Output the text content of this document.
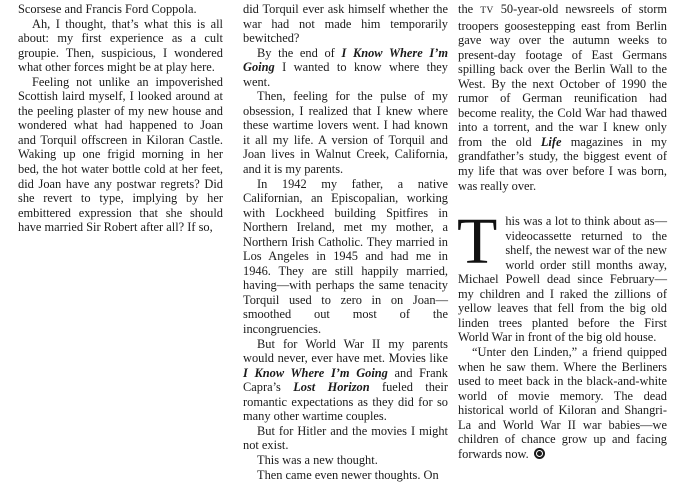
Scorsese and Francis Ford Coppola.

Ah, I thought, that’s what this is all about: my first experience as a cult groupie. Then, suspicious, I wondered what other forces might be at play here.

Feeling not unlike an impoverished Scottish laird myself, I looked around at the peeling plaster of my new house and wondered what had happened to Joan and Torquil offscreen in Kiloran Castle. Waking up one frigid morning in her bed, the hot water bottle cold at her feet, did Joan have any postwar regrets? Did she revert to type, implying by her embittered expression that she should have married Sir Robert after all? If so,

did Torquil ever ask himself whether the war had not made him temporarily bewitched?

By the end of I Know Where I’m Going I wanted to know where they went.

Then, feeling for the pulse of my obsession, I realized that I knew where these wartime lovers went. I had known it all my life. A version of Torquil and Joan lives in Walnut Creek, California, and it is my parents.

In 1942 my father, a native Californian, an Episcopalian, working with Lockheed building Spitfires in Northern Ireland, met my mother, a Northern Irish Catholic. They married in Los Angeles in 1945 and had me in 1946. They are still happily married, having—with perhaps the same tenacity Torquil used to zero in on Joan—smoothed out most of the incongruencies.

But for World War II my parents would never, ever have met. Movies like I Know Where I’m Going and Frank Capra’s Lost Horizon fueled their romantic expectations as they did for so many other wartime couples.

But for Hitler and the movies I might not exist.

This was a new thought.

Then came even newer thoughts. On

the TV 50-year-old newsreels of storm troopers goosestepping east from Berlin gave way over the autumn weeks to present-day footage of East Germans spilling back over the Berlin Wall to the West. By the next October of 1990 the rumor of German reunification had become reality, the Cold War had thawed into a torrent, and the war I knew only from the old Life magazines in my grandfather’s study, the biggest event of my life that was over before I was born, was really over.

This was a lot to think about as—videocassette returned to the shelf, the newest war of the new world order still months away, Michael Powell dead since February—my children and I raked the zillions of yellow leaves that fell from the big old linden trees planted before the First World War in front of the big old house.

“Unter den Linden,” a friend quipped when he saw them. Where the Berliners used to meet back in the black-and-white world of movie memory. The dead historical world of Kiloran and Shangri-La and World War II war babies—we children of chance grow up and facing forwards now.
